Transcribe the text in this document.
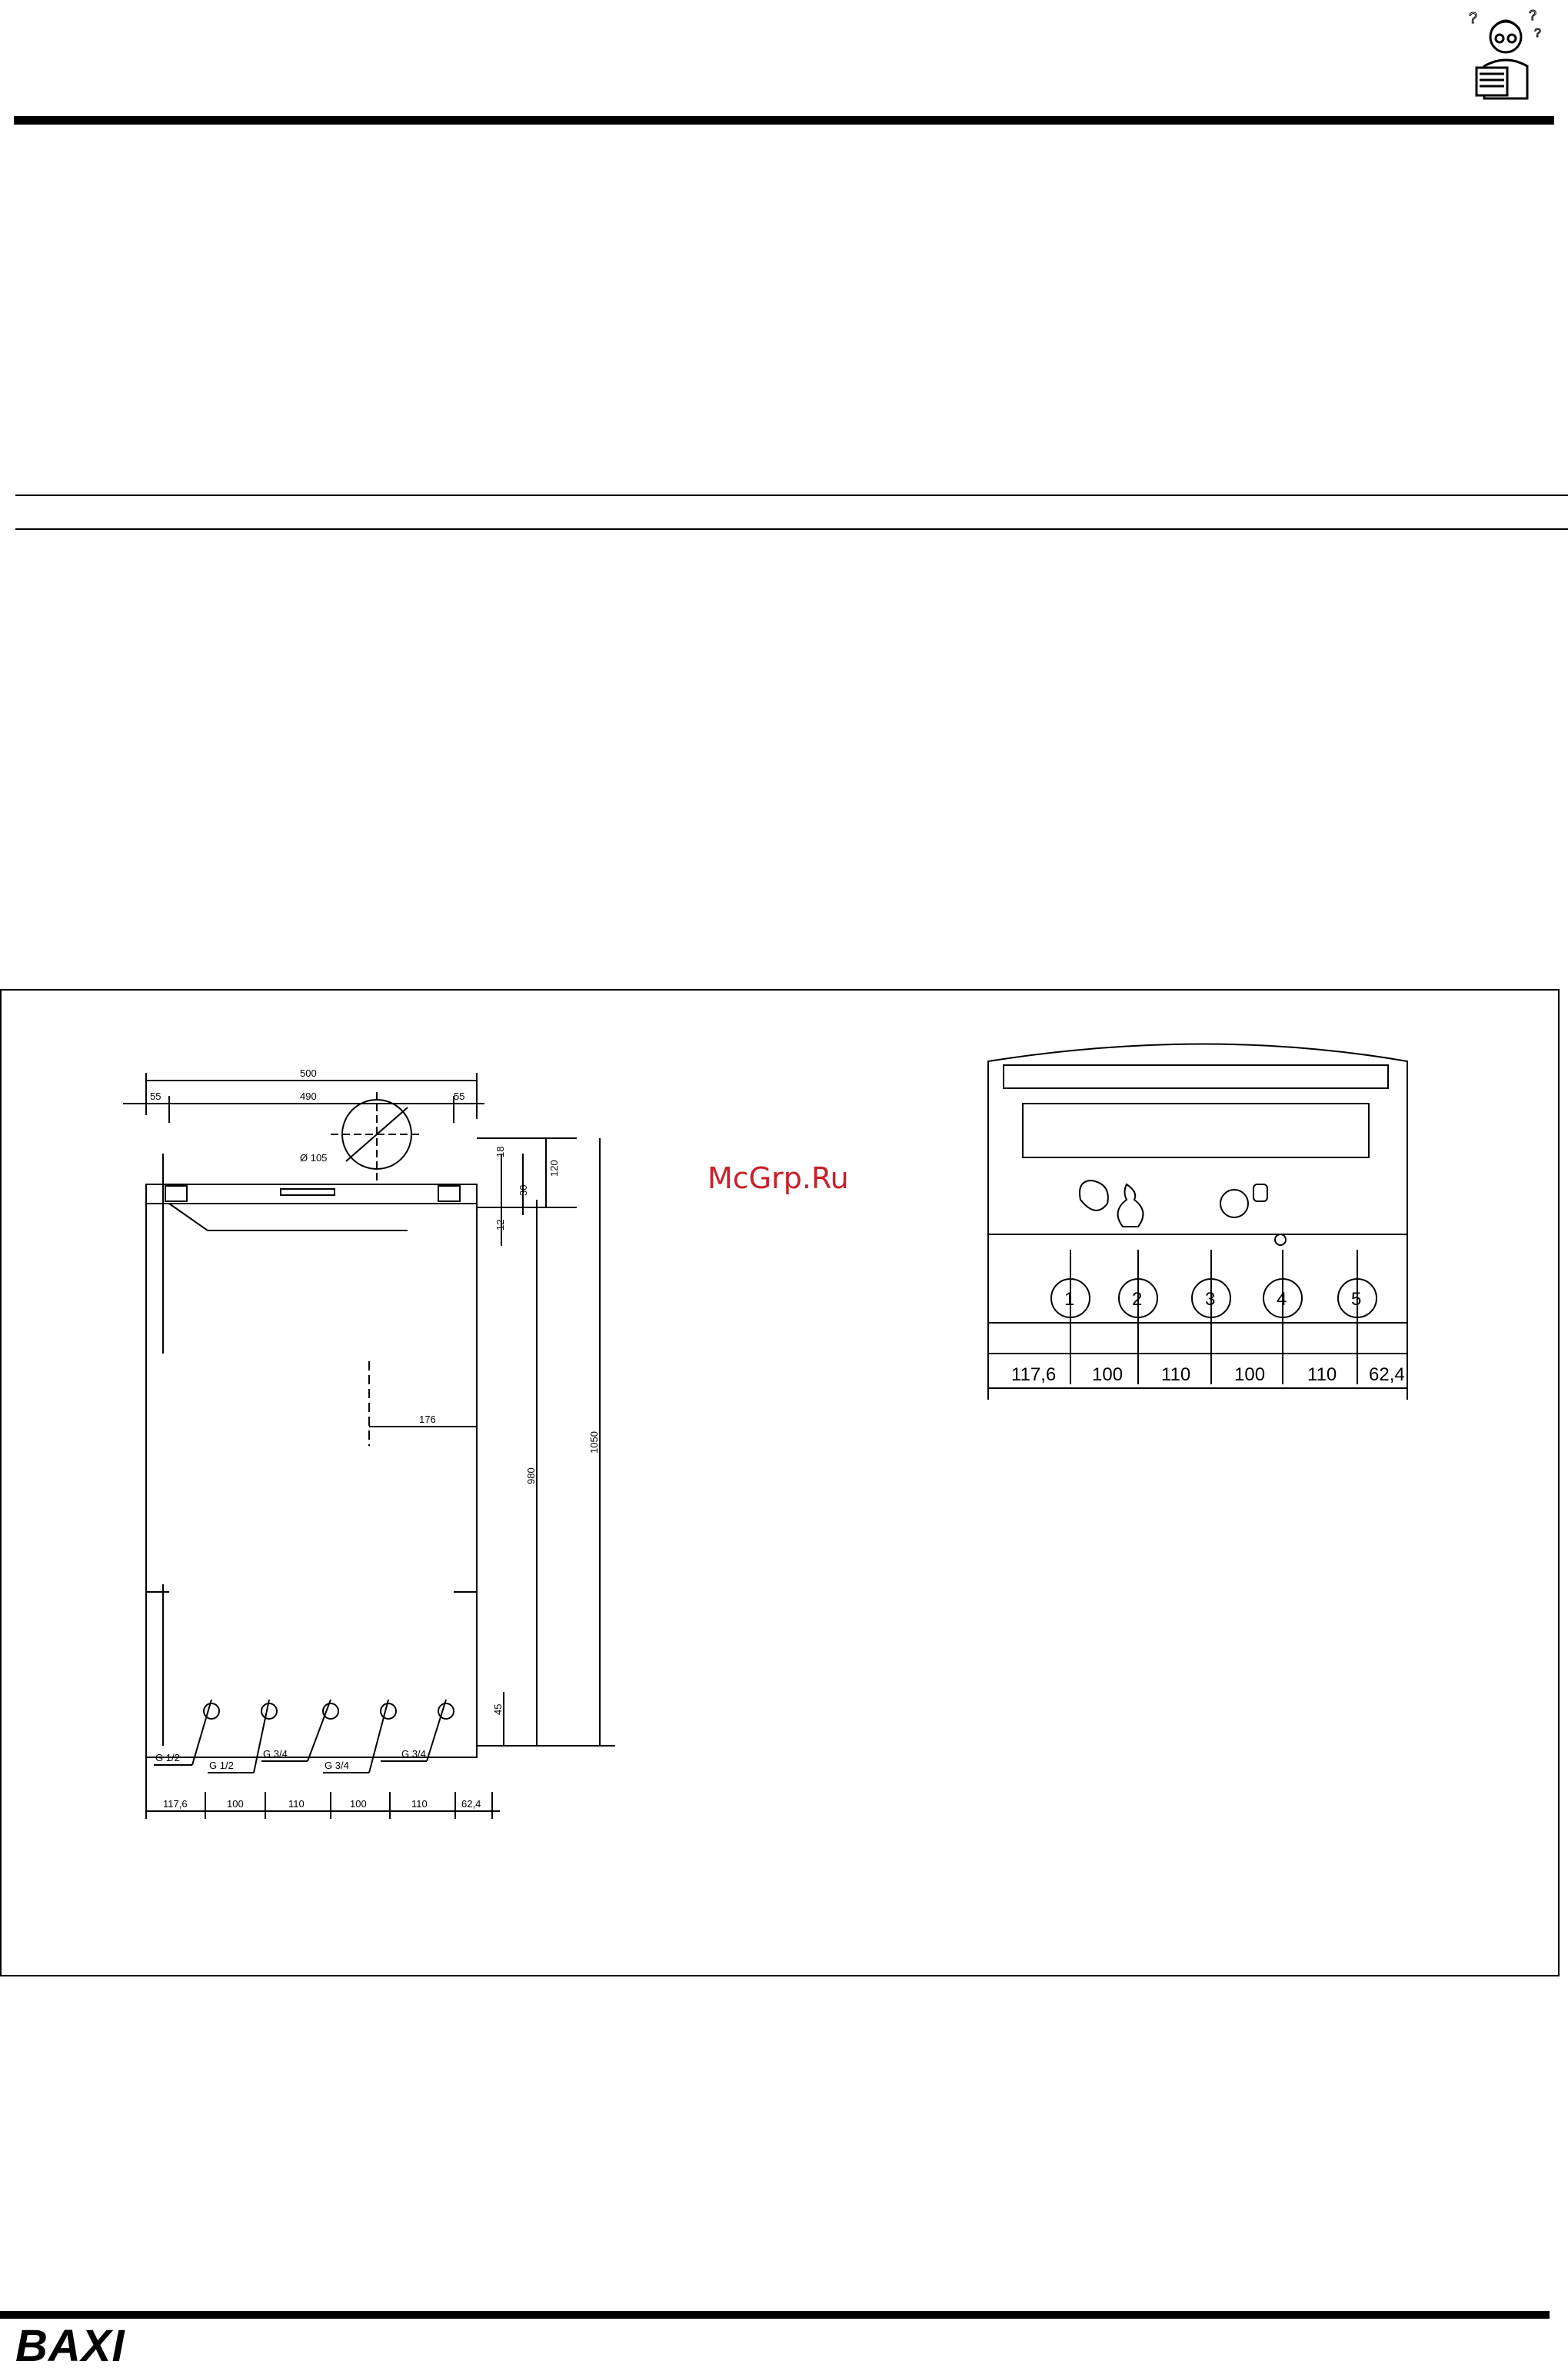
?	?
?
McGrp.Ru
500
490
55	55
Ø 105
18
30
12
120
980
1050
45
176
G 1/2
G 1/2
G 3/4
G 3/4
G 3/4
117,6	100	110	100	110	62,4
1	2	3	4	5
117,6 100 110 100 110 62,4
BAXI
